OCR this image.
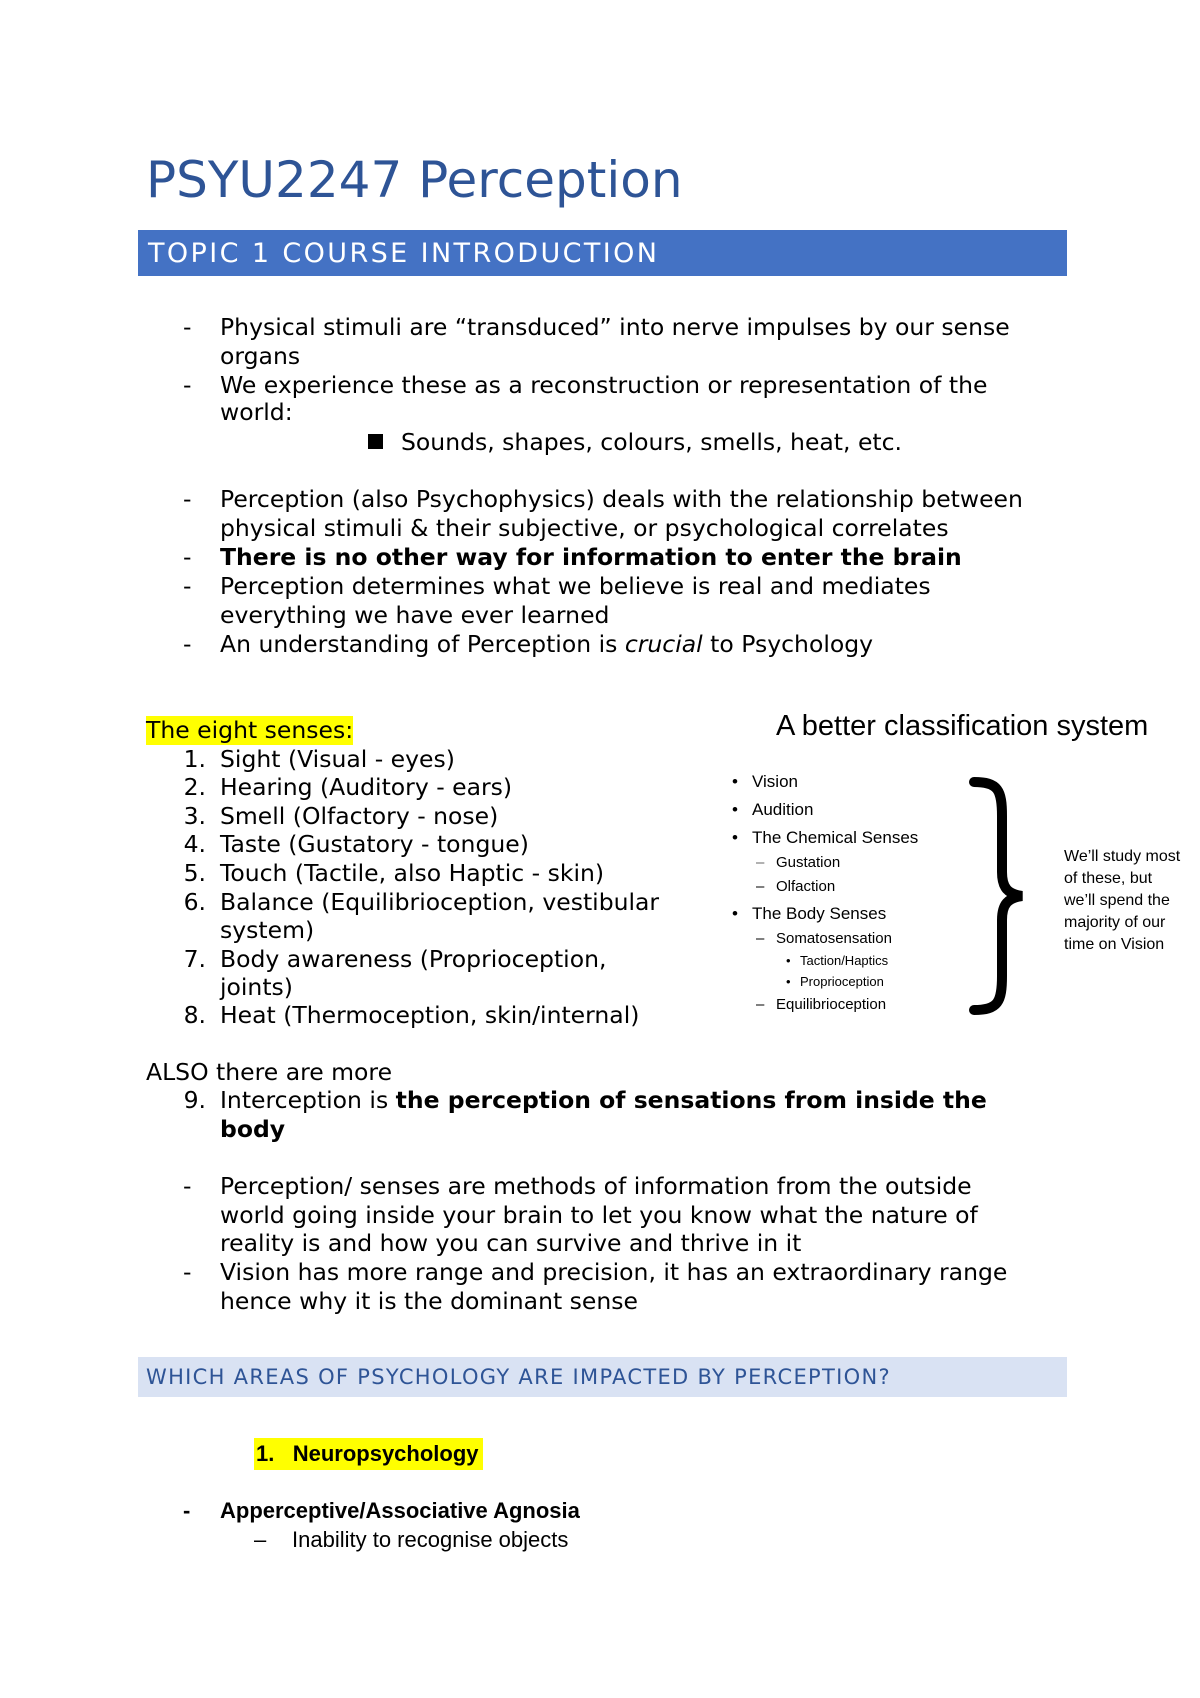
PSYU2247 Perception
TOPIC 1 COURSE INTRODUCTION
- Physical stimuli are “transduced” into nerve impulses by our sense
organs
- We experience these as a reconstruction or representation of the
world:
Sounds, shapes, colours, smells, heat, etc.
- Perception (also Psychophysics) deals with the relationship between
physical stimuli & their subjective, or psychological correlates
- There is no other way for information to enter the brain
- Perception determines what we believe is real and mediates
everything we have ever learned
- An understanding of Perception is crucial to Psychology
The eight senses:
1. Sight (Visual - eyes)
2. Hearing (Auditory - ears)
3. Smell (Olfactory - nose)
4. Taste (Gustatory - tongue)
5. Touch (Tactile, also Haptic - skin)
6. Balance (Equilibrioception, vestibular
system)
7. Body awareness (Proprioception,
joints)
8. Heat (Thermoception, skin/internal)
A better classification system
• Vision
• Audition
• The Chemical Senses
– Gustation
– Olfaction
• The Body Senses
– Somatosensation
• Taction/Haptics
• Proprioception
– Equilibrioception
We’ll study most
of these, but
we’ll spend the
majority of our
time on Vision
ALSO there are more
9. Interception is the perception of sensations from inside the
body
- Perception/ senses are methods of information from the outside
world going inside your brain to let you know what the nature of
reality is and how you can survive and thrive in it
- Vision has more range and precision, it has an extraordinary range
hence why it is the dominant sense
WHICH AREAS OF PSYCHOLOGY ARE IMPACTED BY PERCEPTION?
1. Neuropsychology
- Apperceptive/Associative Agnosia
– Inability to recognise objects
